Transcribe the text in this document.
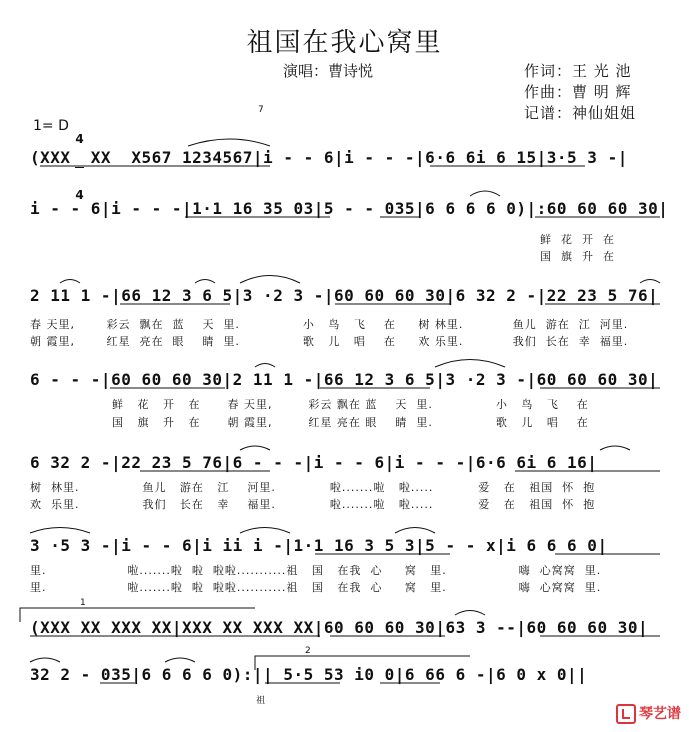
祖国在我心窝里
演唱：曹诗悦	作词：王 光 池
作曲：曹 明 辉
记谱：神仙姐姐
1= D

4

4

(XXX  XX  X567 1234567|i - - 6|i - - -|6·6 6i 6 15|3·5 3 -|
i - - 6|i - - -|1·1 16 35 03|5 - - 035|6 6 6 6 0)|:60 60 60 30|
鲜  花  开  在
国  旗  升  在
2 11 1 -|66 12 3 6 5|3 ·2 3 -|60 60 60 30|6 32 2 -|22 23 5 76|
春 天里,       彩云  飘在  蓝    天  里.              小   鸟   飞    在     树 林里.           鱼儿  游在  江  河里.
朝 霞里,       红星  亮在  眼    睛  里.              歌   儿   唱    在     欢 乐里.           我们  长在  幸  福里.
6 - - -|60 60 60 30|2 11 1 -|66 12 3 6 5|3 ·2 3 -|60 60 60 30|
鲜   花   开   在      春 天里,        彩云 飘在 蓝    天  里.              小   鸟   飞    在
国   旗   升   在      朝 霞里,        红星 亮在 眼    睛  里.              歌   儿   唱    在
6 32 2 -|22 23 5 76|6 - - -|i - - 6|i - - -|6·6 6i 6 16|
树  林里.              鱼儿   游在   江    河里.            啦.......啦   啦.....          爱   在   祖国  怀  抱
欢  乐里.              我们   长在   幸    福里.            啦.......啦   啦.....          爱   在   祖国  怀  抱
3 ·5 3 -|i - - 6|i ii i -|1·1 16 3 5 3|5 - - x|i 6 6 6 0|
里.                  啦.......啦  啦  啦啦...........祖   国   在我  心     窝   里.                嗨  心窝窝  里.
里.                  啦.......啦  啦  啦啦...........祖   国   在我  心     窝   里.                嗨  心窝窝  里.
(XXX XX XXX XX|XXX XX XXX XX|60 60 60 30|63 3 --|60 60 60 30|
32 2 - 035|6 6 6 6 0):|| 5·5 53 i0 0|6 66 6 -|6 0 x 0||
祖
7
1
2

琴艺谱
